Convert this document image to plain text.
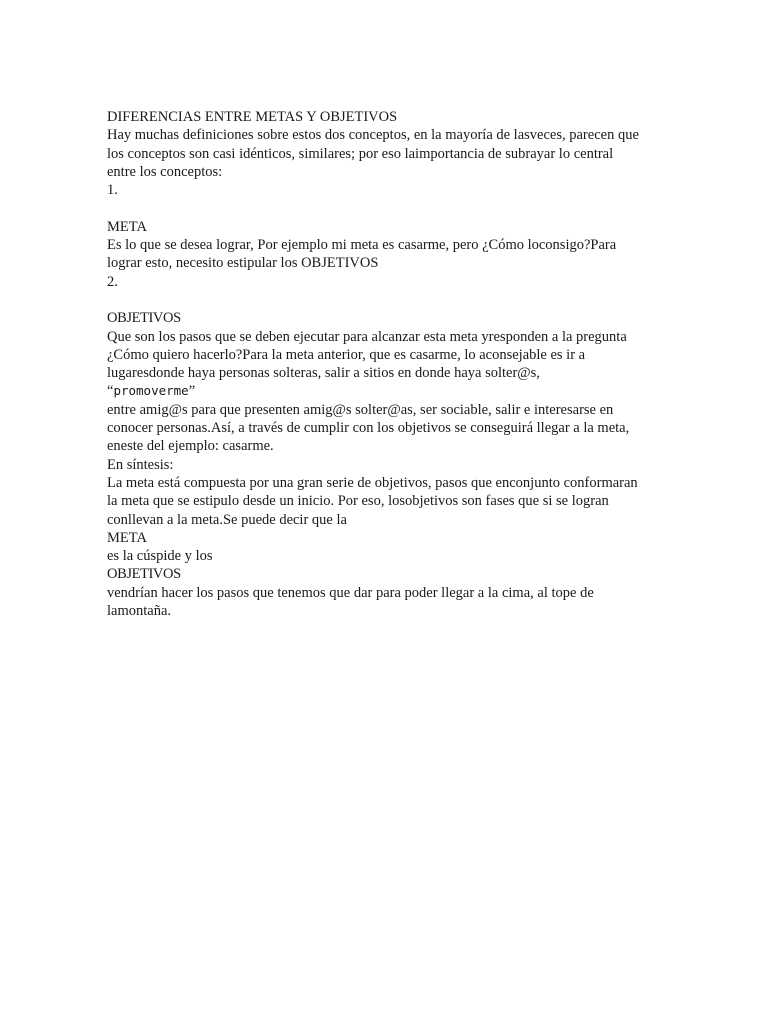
DIFERENCIAS ENTRE METAS Y OBJETIVOS
Hay muchas definiciones sobre estos dos conceptos, en la mayoría de lasveces, parecen que
los conceptos son casi idénticos, similares; por eso laimportancia de subrayar lo central
entre los conceptos:
1.
META
Es lo que se desea lograr, Por ejemplo mi meta es casarme, pero ¿Cómo loconsigo?Para
lograr esto, necesito estipular los OBJETIVOS
2.
OBJETIVOS
Que son los pasos que se deben ejecutar para alcanzar esta meta yresponden a la pregunta
¿Cómo quiero hacerlo?Para la meta anterior, que es casarme, lo aconsejable es ir a
lugaresdonde haya personas solteras, salir a sitios en donde haya solter@s,
“promoverme”
entre amig@s para que presenten amig@s solter@as, ser sociable, salir e interesarse en
conocer personas.Así, a través de cumplir con los objetivos se conseguirá llegar a la meta,
eneste del ejemplo: casarme.
En síntesis:
La meta está compuesta por una gran serie de objetivos, pasos que enconjunto conformaran
la meta que se estipulo desde un inicio. Por eso, losobjetivos son fases que si se logran
conllevan a la meta.Se puede decir que la
META
es la cúspide y los
OBJETIVOS
vendrían hacer los pasos que tenemos que dar para poder llegar a la cima, al tope de
lamontaña.
